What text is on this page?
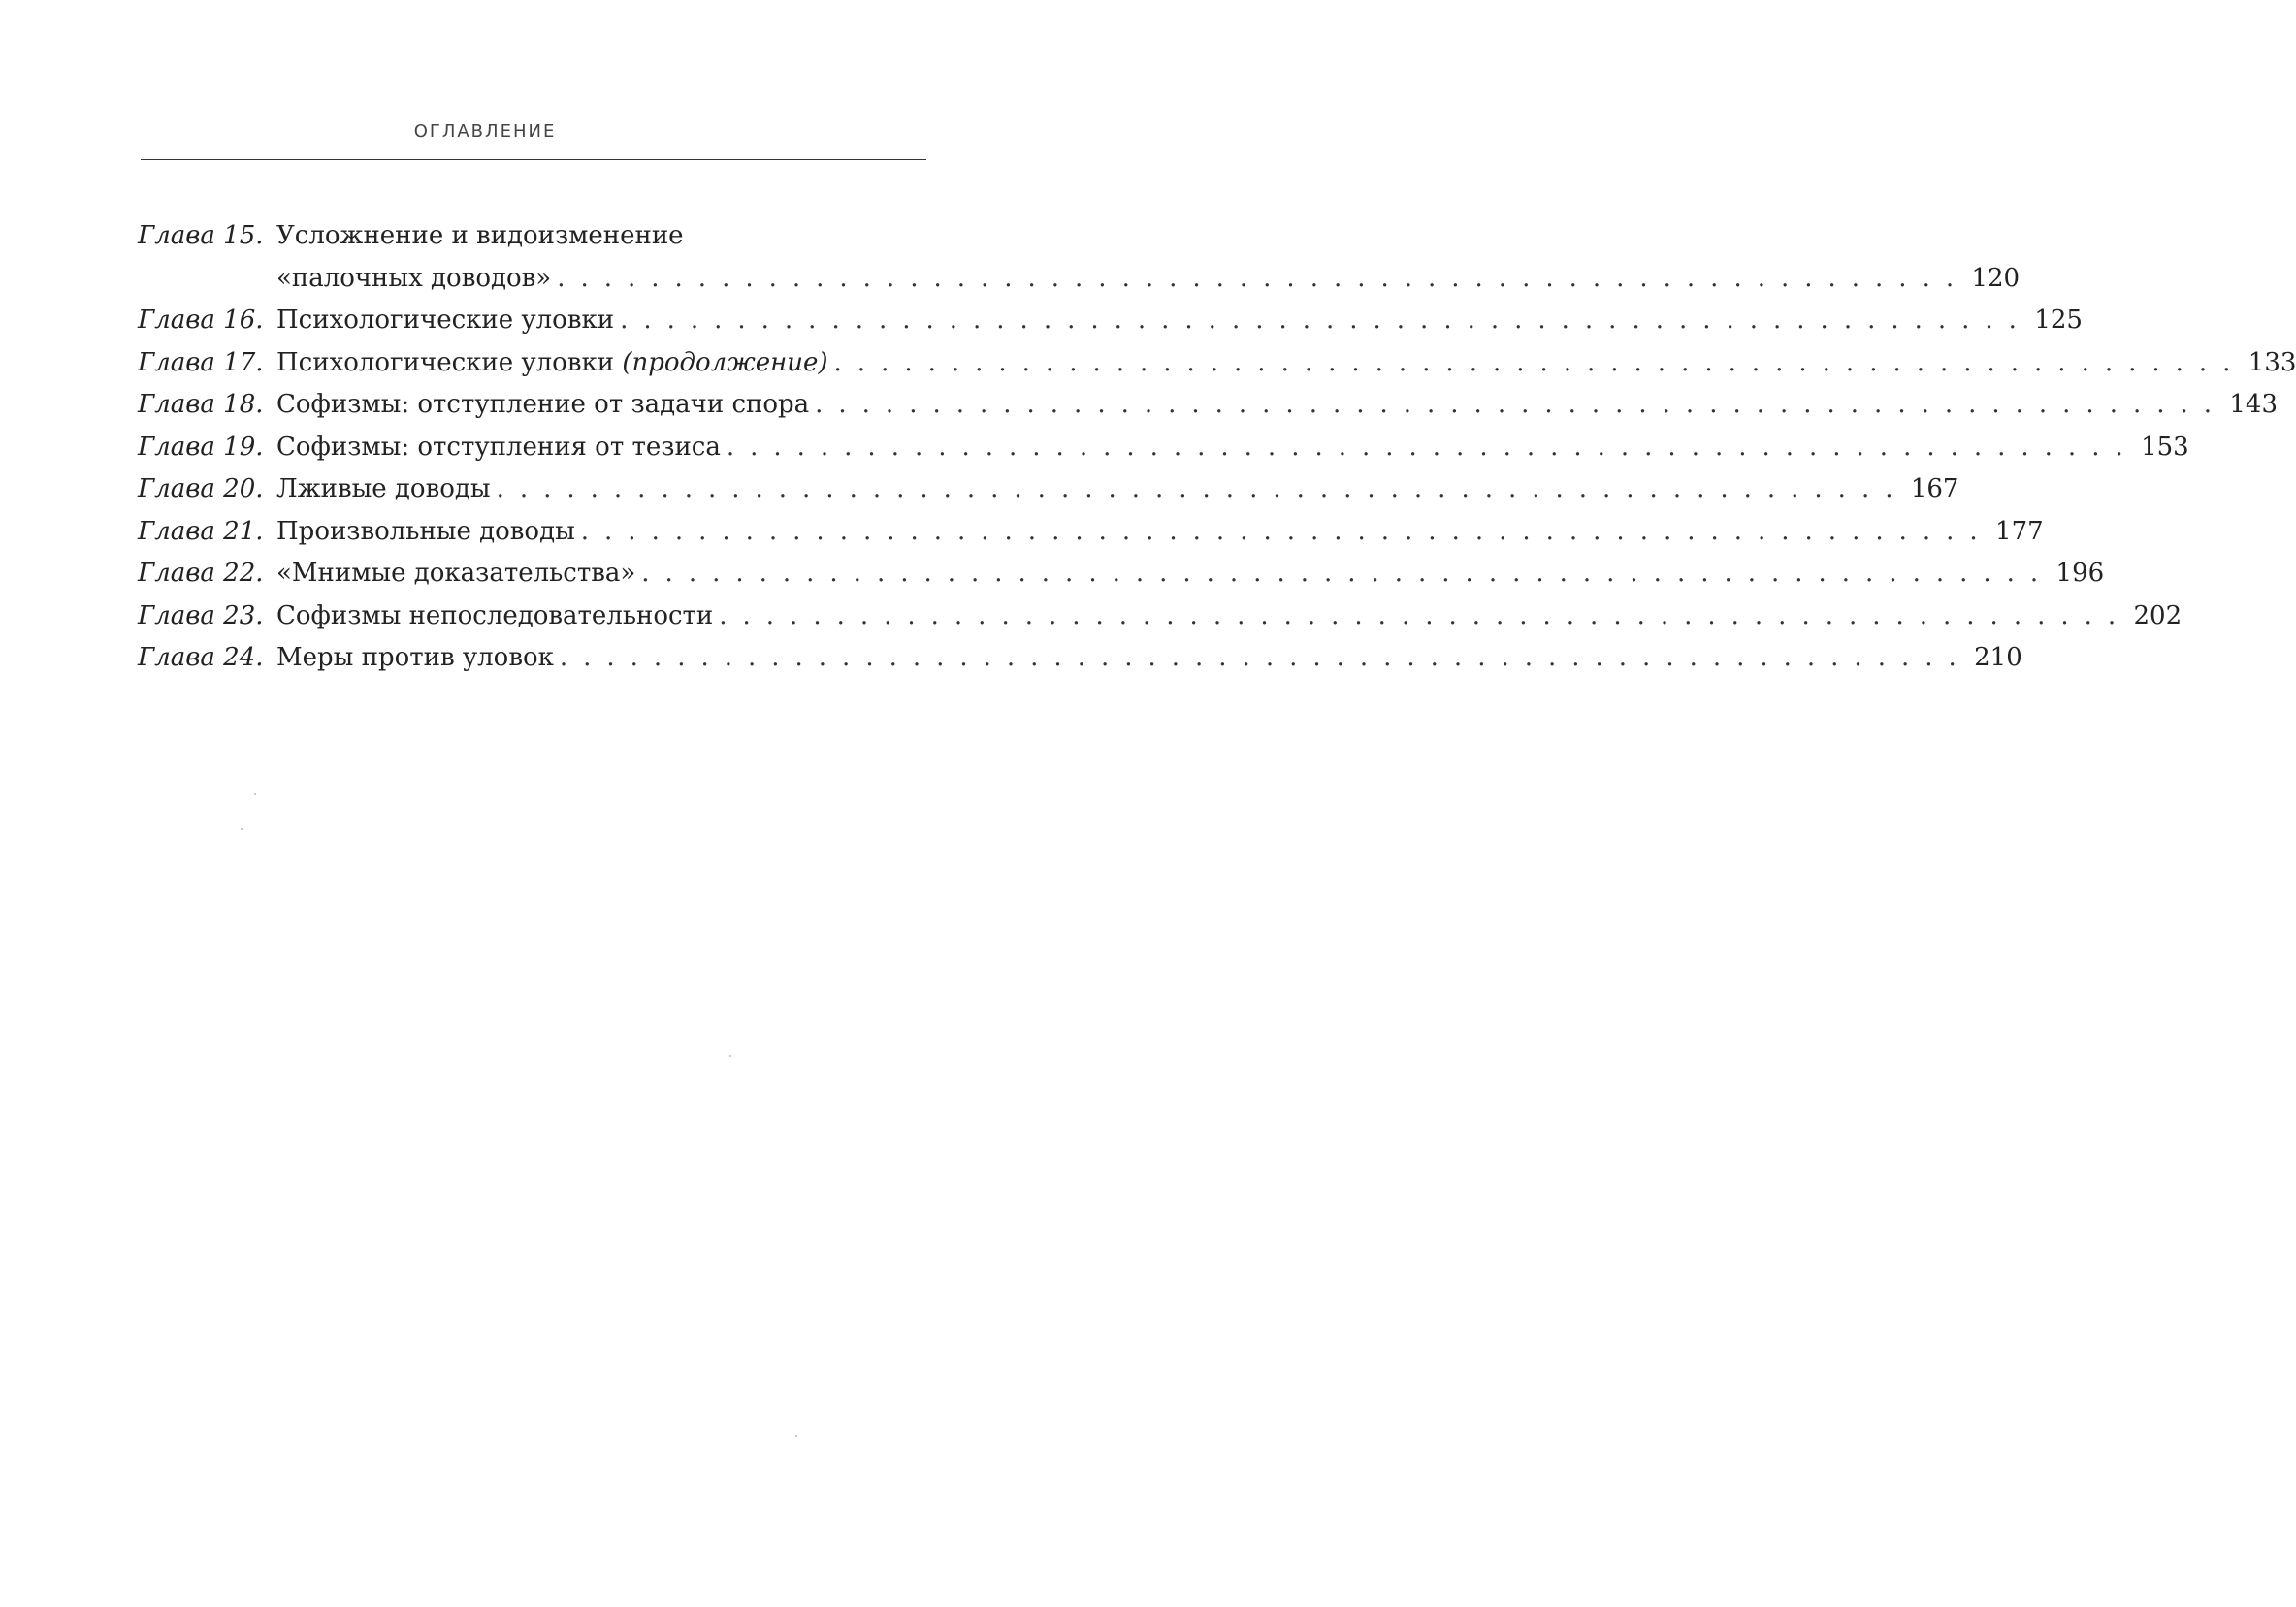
ОГЛАВЛЕНИЕ
Глава 15. Усложнение и видоизменение
«палочных доводов» ............................................................ 120
Глава 16. Психологические уловки ............................................................ 125
Глава 17. Психологические уловки (продолжение) ............................................................ 133
Глава 18. Софизмы: отступление от задачи спора ............................................................ 143
Глава 19. Софизмы: отступления от тезиса ............................................................ 153
Глава 20. Лживые доводы ............................................................ 167
Глава 21. Произвольные доводы ............................................................ 177
Глава 22. «Мнимые доказательства» ............................................................ 196
Глава 23. Софизмы непоследовательности ............................................................ 202
Глава 24. Меры против уловок ............................................................ 210
